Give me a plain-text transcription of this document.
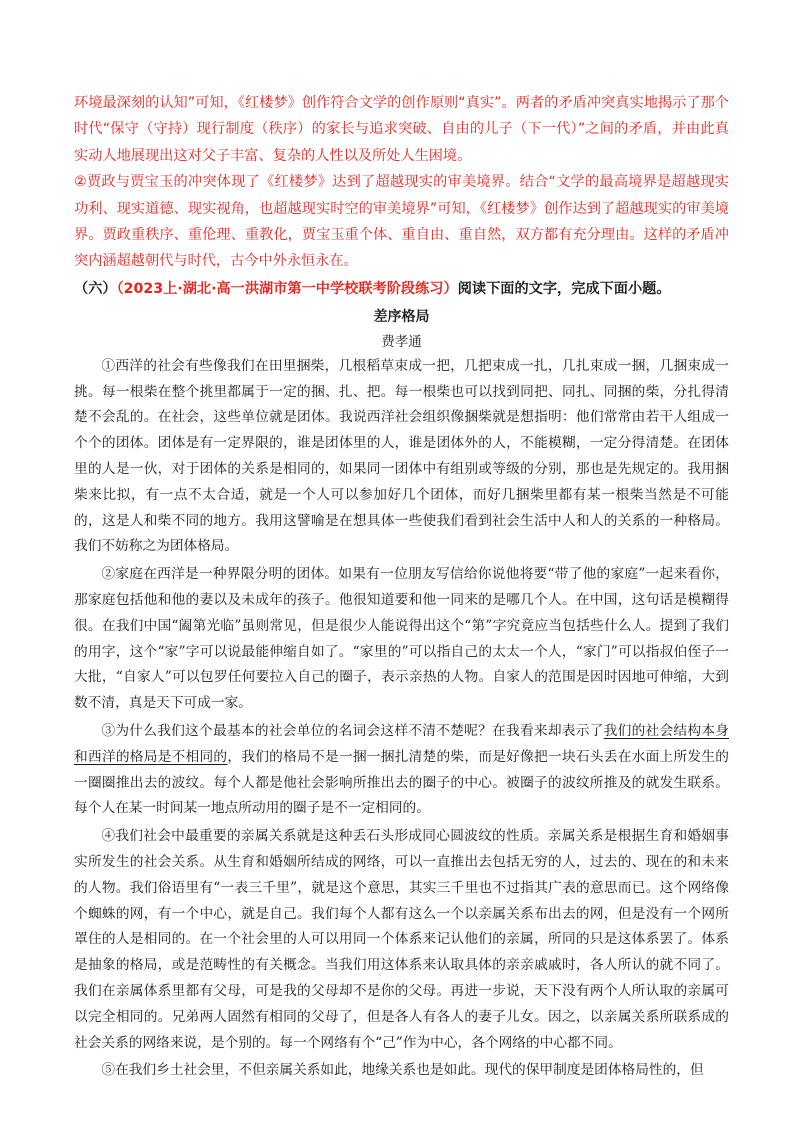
环境最深刻的认知”可知，《红楼梦》创作符合文学的创作原则“真实”。两者的矛盾冲突真实地揭示了那个时代“保守（守持）现行制度（秩序）的家长与追求突破、自由的儿子（下一代）”之间的矛盾，并由此真实动人地展现出这对父子丰富、复杂的人性以及所处人生困境。

②贾政与贾宝玉的冲突体现了《红楼梦》达到了超越现实的审美境界。结合“文学的最高境界是超越现实功利、现实道德、现实视角，也超越现实时空的审美境界”可知，《红楼梦》创作达到了超越现实的审美境界。贾政重秩序、重伦理、重教化，贾宝玉重个体、重自由、重自然，双方都有充分理由。这样的矛盾冲突内涵超越朝代与时代，古今中外永恒永在。

（六）（2023上·湖北·高一洪湖市第一中学校联考阶段练习）阅读下面的文字，完成下面小题。
差序格局
费孝通

①西洋的社会有些像我们在田里捆柴，几根稻草束成一把，几把束成一扎，几扎束成一捆，几捆束成一挑。每一根柴在整个挑里都属于一定的捆、扎、把。每一根柴也可以找到同把、同扎、同捆的柴，分扎得清楚不会乱的。在社会，这些单位就是团体。我说西洋社会组织像捆柴就是想指明：他们常常由若干人组成一个个的团体。团体是有一定界限的，谁是团体里的人，谁是团体外的人，不能模糊，一定分得清楚。在团体里的人是一伙，对于团体的关系是相同的，如果同一团体中有组别或等级的分别，那也是先规定的。我用捆柴来比拟，有一点不太合适，就是一个人可以参加好几个团体，而好几捆柴里都有某一根柴当然是不可能的，这是人和柴不同的地方。我用这譬喻是在想具体一些使我们看到社会生活中人和人的关系的一种格局。我们不妨称之为团体格局。

②家庭在西洋是一种界限分明的团体。如果有一位朋友写信给你说他将要“带了他的家庭”一起来看你，那家庭包括他和他的妻以及未成年的孩子。他很知道要和他一同来的是哪几个人。在中国，这句话是模糊得很。在我们中国“阖第光临”虽则常见，但是很少人能说得出这个“第”字究竟应当包括些什么人。提到了我们的用字，这个“家”字可以说最能伸缩自如了。“家里的”可以指自己的太太一个人，“家门”可以指叔伯侄子一大批，“自家人”可以包罗任何要拉入自己的圈子，表示亲热的人物。自家人的范围是因时因地可伸缩，大到数不清，真是天下可成一家。

③为什么我们这个最基本的社会单位的名词会这样不清不楚呢？在我看来却表示了我们的社会结构本身和西洋的格局是不相同的，我们的格局不是一捆一捆扎清楚的柴，而是好像把一块石头丢在水面上所发生的一圈圈推出去的波纹。每个人都是他社会影响所推出去的圈子的中心。被圈子的波纹所推及的就发生联系。每个人在某一时间某一地点所动用的圈子是不一定相同的。

④我们社会中最重要的亲属关系就是这种丢石头形成同心圆波纹的性质。亲属关系是根据生育和婚姻事实所发生的社会关系。从生育和婚姻所结成的网络，可以一直推出去包括无穷的人，过去的、现在的和未来的人物。我们俗语里有“一表三千里”，就是这个意思，其实三千里也不过指其广表的意思而已。这个网络像个蜘蛛的网，有一个中心，就是自己。我们每个人都有这么一个以亲属关系布出去的网，但是没有一个网所罩住的人是相同的。在一个社会里的人可以用同一个体系来记认他们的亲属，所同的只是这体系罢了。体系是抽象的格局，或是范畴性的有关概念。当我们用这体系来认取具体的亲亲戚戚时，各人所认的就不同了。我们在亲属体系里都有父母，可是我的父母却不是你的父母。再进一步说，天下没有两个人所认取的亲属可以完全相同的。兄弟两人固然有相同的父母了，但是各人有各人的妻子儿女。因之，以亲属关系所联系成的社会关系的网络来说，是个别的。每一个网络有个“己”作为中心，各个网络的中心都不同。

⑤在我们乡土社会里，不但亲属关系如此，地缘关系也是如此。现代的保甲制度是团体格局性的，但
